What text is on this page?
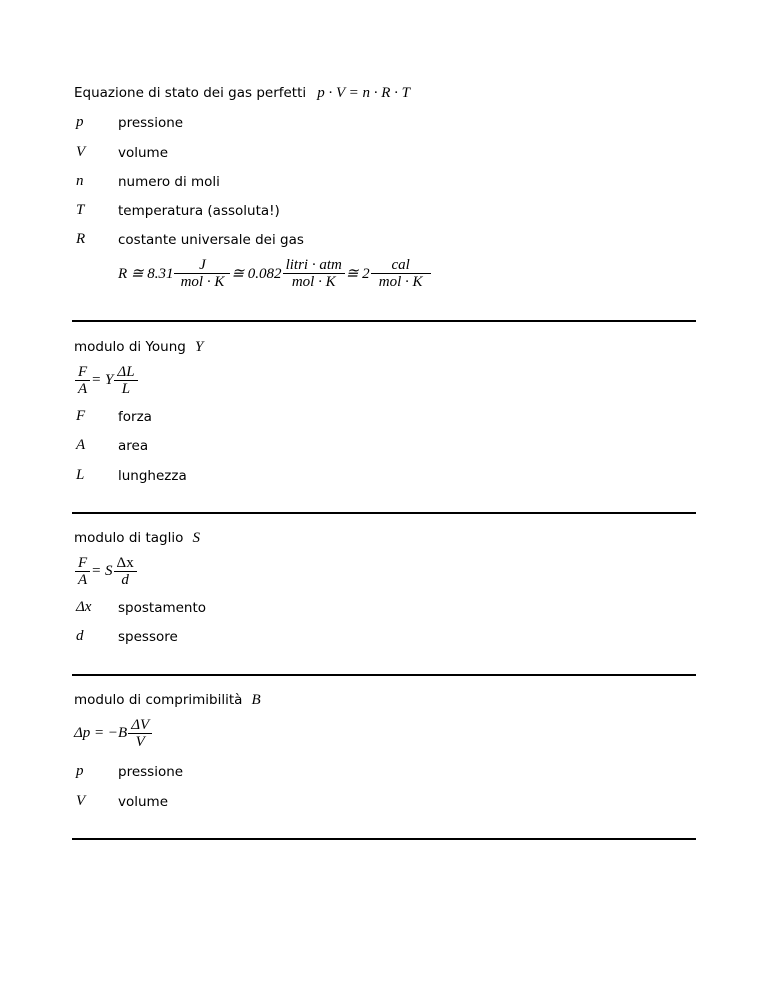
Equazione di stato dei gas perfetti p · V = n · R · T
p	pressione
V volume
n	numero di moli
T temperatura (assoluta!)
R costante universale dei gas
R ≅ $8.31 \frac{J}{\text{mol · K}}$ ≅ $0.082 \frac{\text{litri · atm}}{\text{mol · K}}$ ≅ $2 \frac{\text{cal}}{\text{mol · K}}$
modulo di Young Y
$\frac{F}{A} = Y \frac{\Delta L}{L}$
F forza
A area
L lunghezza
modulo di taglio S
$\frac{F}{A} = S \frac{\Delta x}{d}$
Δx spostamento
d	spessore
modulo di comprimibilità B
$\Delta p = -B \frac{\Delta V}{V}$
p	pressione
V volume
